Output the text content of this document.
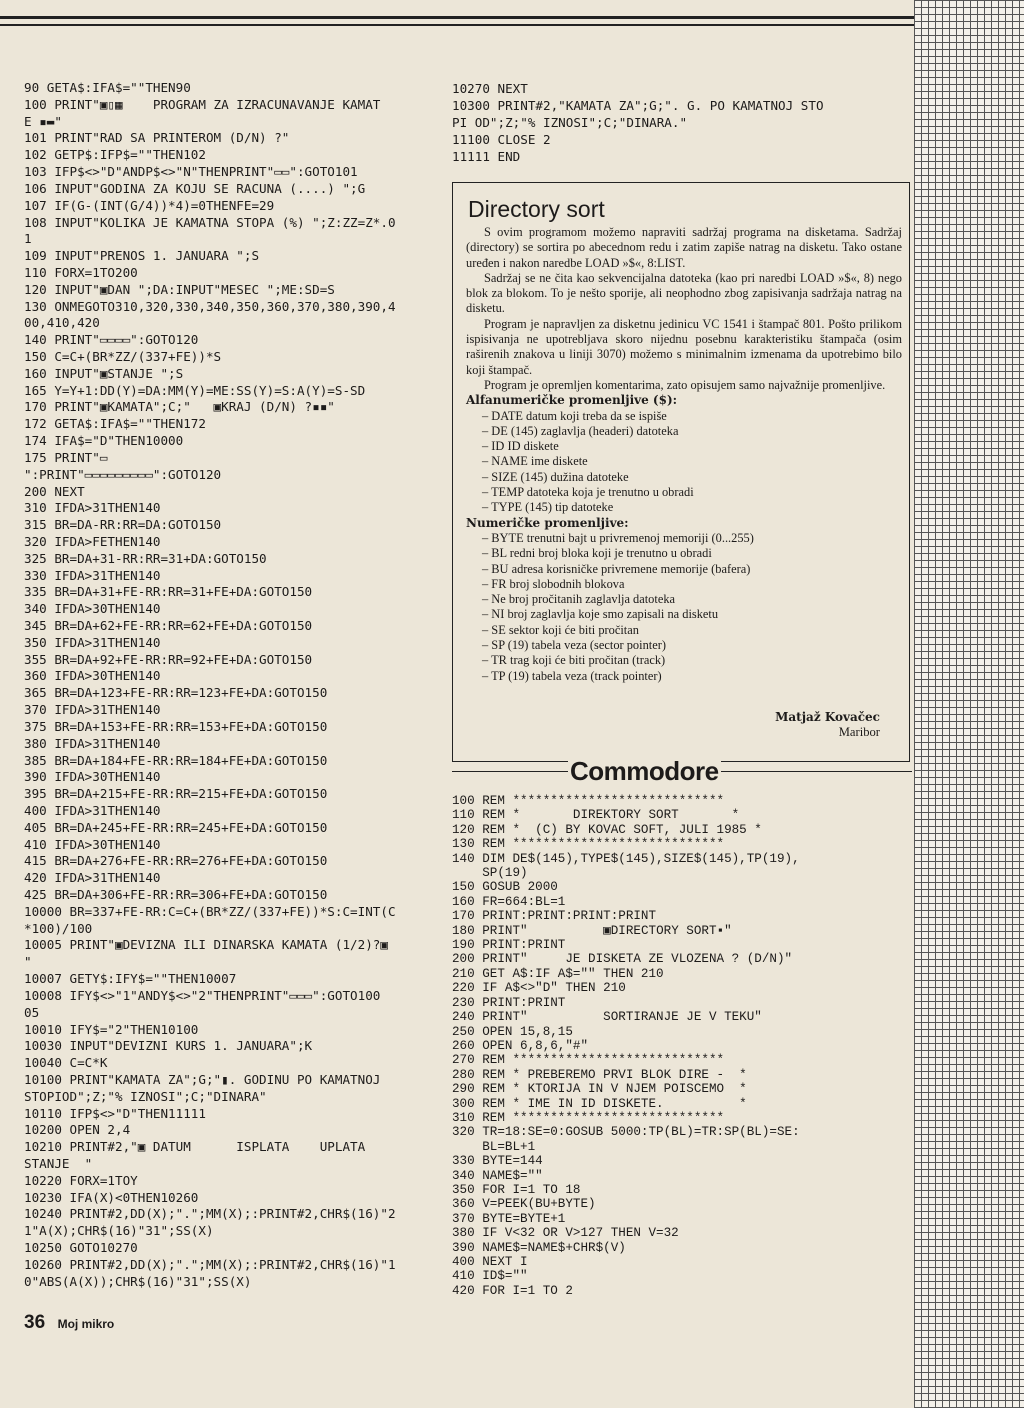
90 GETA$:IFA$=""THEN90
100 PRINT"▣▯▦    PROGRAM ZA IZRACUNAVANJE KAMAT
E ▪▬"
101 PRINT"RAD SA PRINTEROM (D/N) ?"
102 GETP$:IFP$=""THEN102
103 IFP$<>"D"ANDP$<>"N"THENPRINT"▭▭":GOTO101
106 INPUT"GODINA ZA KOJU SE RACUNA (....) ";G
107 IF(G-(INT(G/4))*4)=0THENFE=29
108 INPUT"KOLIKA JE KAMATNA STOPA (%) ";Z:ZZ=Z*.0
1
109 INPUT"PRENOS 1. JANUARA ";S
110 FORX=1TO200
120 INPUT"▣DAN ";DA:INPUT"MESEC ";ME:SD=S
130 ONMEGOTO310,320,330,340,350,360,370,380,390,4
00,410,420
140 PRINT"▭▭▭▭":GOTO120
150 C=C+(BR*ZZ/(337+FE))*S
160 INPUT"▣STANJE ";S
165 Y=Y+1:DD(Y)=DA:MM(Y)=ME:SS(Y)=S:A(Y)=S-SD
170 PRINT"▣KAMATA";C;"   ▣KRAJ (D/N) ?▪▪"
172 GETA$:IFA$=""THEN172
174 IFA$="D"THEN10000
175 PRINT"▭
":PRINT"▭▭▭▭▭▭▭▭▭":GOTO120
200 NEXT
310 IFDA>31THEN140
315 BR=DA-RR:RR=DA:GOTO150
320 IFDA>FETHEN140
325 BR=DA+31-RR:RR=31+DA:GOTO150
330 IFDA>31THEN140
335 BR=DA+31+FE-RR:RR=31+FE+DA:GOTO150
340 IFDA>30THEN140
345 BR=DA+62+FE-RR:RR=62+FE+DA:GOTO150
350 IFDA>31THEN140
355 BR=DA+92+FE-RR:RR=92+FE+DA:GOTO150
360 IFDA>30THEN140
365 BR=DA+123+FE-RR:RR=123+FE+DA:GOTO150
370 IFDA>31THEN140
375 BR=DA+153+FE-RR:RR=153+FE+DA:GOTO150
380 IFDA>31THEN140
385 BR=DA+184+FE-RR:RR=184+FE+DA:GOTO150
390 IFDA>30THEN140
395 BR=DA+215+FE-RR:RR=215+FE+DA:GOTO150
400 IFDA>31THEN140
405 BR=DA+245+FE-RR:RR=245+FE+DA:GOTO150
410 IFDA>30THEN140
415 BR=DA+276+FE-RR:RR=276+FE+DA:GOTO150
420 IFDA>31THEN140
425 BR=DA+306+FE-RR:RR=306+FE+DA:GOTO150
10000 BR=337+FE-RR:C=C+(BR*ZZ/(337+FE))*S:C=INT(C
*100)/100
10005 PRINT"▣DEVIZNA ILI DINARSKA KAMATA (1/2)?▣
"
10007 GETY$:IFY$=""THEN10007
10008 IFY$<>"1"ANDY$<>"2"THENPRINT"▭▭▭":GOTO100
05
10010 IFY$="2"THEN10100
10030 INPUT"DEVIZNI KURS 1. JANUARA";K
10040 C=C*K
10100 PRINT"KAMATA ZA";G;"▮. GODINU PO KAMATNOJ
STOPIOD";Z;"% IZNOSI";C;"DINARA"
10110 IFP$<>"D"THEN11111
10200 OPEN 2,4
10210 PRINT#2,"▣ DATUM      ISPLATA    UPLATA
STANJE  "
10220 FORX=1TOY
10230 IFA(X)<0THEN10260
10240 PRINT#2,DD(X);".";MM(X);:PRINT#2,CHR$(16)"2
1"A(X);CHR$(16)"31";SS(X)
10250 GOTO10270
10260 PRINT#2,DD(X);".";MM(X);:PRINT#2,CHR$(16)"1
0"ABS(A(X));CHR$(16)"31";SS(X)
10270 NEXT
10300 PRINT#2,"KAMATA ZA";G;". G. PO KAMATNOJ STO
PI OD";Z;"% IZNOSI";C;"DINARA."
11100 CLOSE 2
11111 END
Directory sort

S ovim programom možemo napraviti sadržaj programa na disketama. Sadržaj (directory) se sortira po abecednom redu i zatim zapiše natrag na disketu. Tako ostane uređen i nakon naredbe LOAD »$«, 8:LIST.

Sadržaj se ne čita kao sekvencijalna datoteka (kao pri naredbi LOAD »$«, 8) nego blok za blokom. To je nešto sporije, ali neophodno zbog zapisivanja sadržaja natrag na disketu.

Program je napravljen za disketnu jedinicu VC 1541 i štampač 801. Pošto prilikom ispisivanja ne upotrebljava skoro nijednu posebnu karakteristiku štampača (osim raširenih znakova u liniji 3070) možemo s minimalnim izmenama da upotrebimo bilo koji štampač.

Program je opremljen komentarima, zato opisujem samo najvažnije promenljive.

Alfanumeričke promenljive ($):
– DATE datum koji treba da se ispiše
– DE (145) zaglavlja (headeri) datoteka
– ID ID diskete
– NAME ime diskete
– SIZE (145) dužina datoteke
– TEMP datoteka koja je trenutno u obradi
– TYPE (145) tip datoteke
Numeričke promenljive:
– BYTE trenutni bajt u privremenoj memoriji (0...255)
– BL redni broj bloka koji je trenutno u obradi
– BU adresa korisničke privremene memorije (bafera)
– FR broj slobodnih blokova
– Ne broj pročitanih zaglavlja datoteka
– NI broj zaglavlja koje smo zapisali na disketu
– SE sektor koji će biti pročitan
– SP (19) tabela veza (sector pointer)
– TR trag koji će biti pročitan (track)
– TP (19) tabela veza (track pointer)
Matjaž Kovačec
Maribor
Commodore
100 REM ****************************
110 REM *       DIREKTORY SORT       *
120 REM *  (C) BY KOVAC SOFT, JULI 1985 *
130 REM ****************************
140 DIM DE$(145),TYPE$(145),SIZE$(145),TP(19),
SP(19)
150 GOSUB 2000
160 FR=664:BL=1
170 PRINT:PRINT:PRINT:PRINT
180 PRINT"          ▣DIRECTORY SORT▪"
190 PRINT:PRINT
200 PRINT"     JE DISKETA ZE VLOZENA ? (D/N)"
210 GET A$:IF A$="" THEN 210
220 IF A$<>"D" THEN 210
230 PRINT:PRINT
240 PRINT"          SORTIRANJE JE V TEKU"
250 OPEN 15,8,15
260 OPEN 6,8,6,"#"
270 REM ****************************
280 REM * PREBEREMO PRVI BLOK DIRE -  *
290 REM * KTORIJA IN V NJEM POISCEMO  *
300 REM * IME IN ID DISKETE.          *
310 REM ****************************
320 TR=18:SE=0:GOSUB 5000:TP(BL)=TR:SP(BL)=SE:
BL=BL+1
330 BYTE=144
340 NAME$=""
350 FOR I=1 TO 18
360 V=PEEK(BU+BYTE)
370 BYTE=BYTE+1
380 IF V<32 OR V>127 THEN V=32
390 NAME$=NAME$+CHR$(V)
400 NEXT I
410 ID$=""
420 FOR I=1 TO 2
36 Moj mikro
